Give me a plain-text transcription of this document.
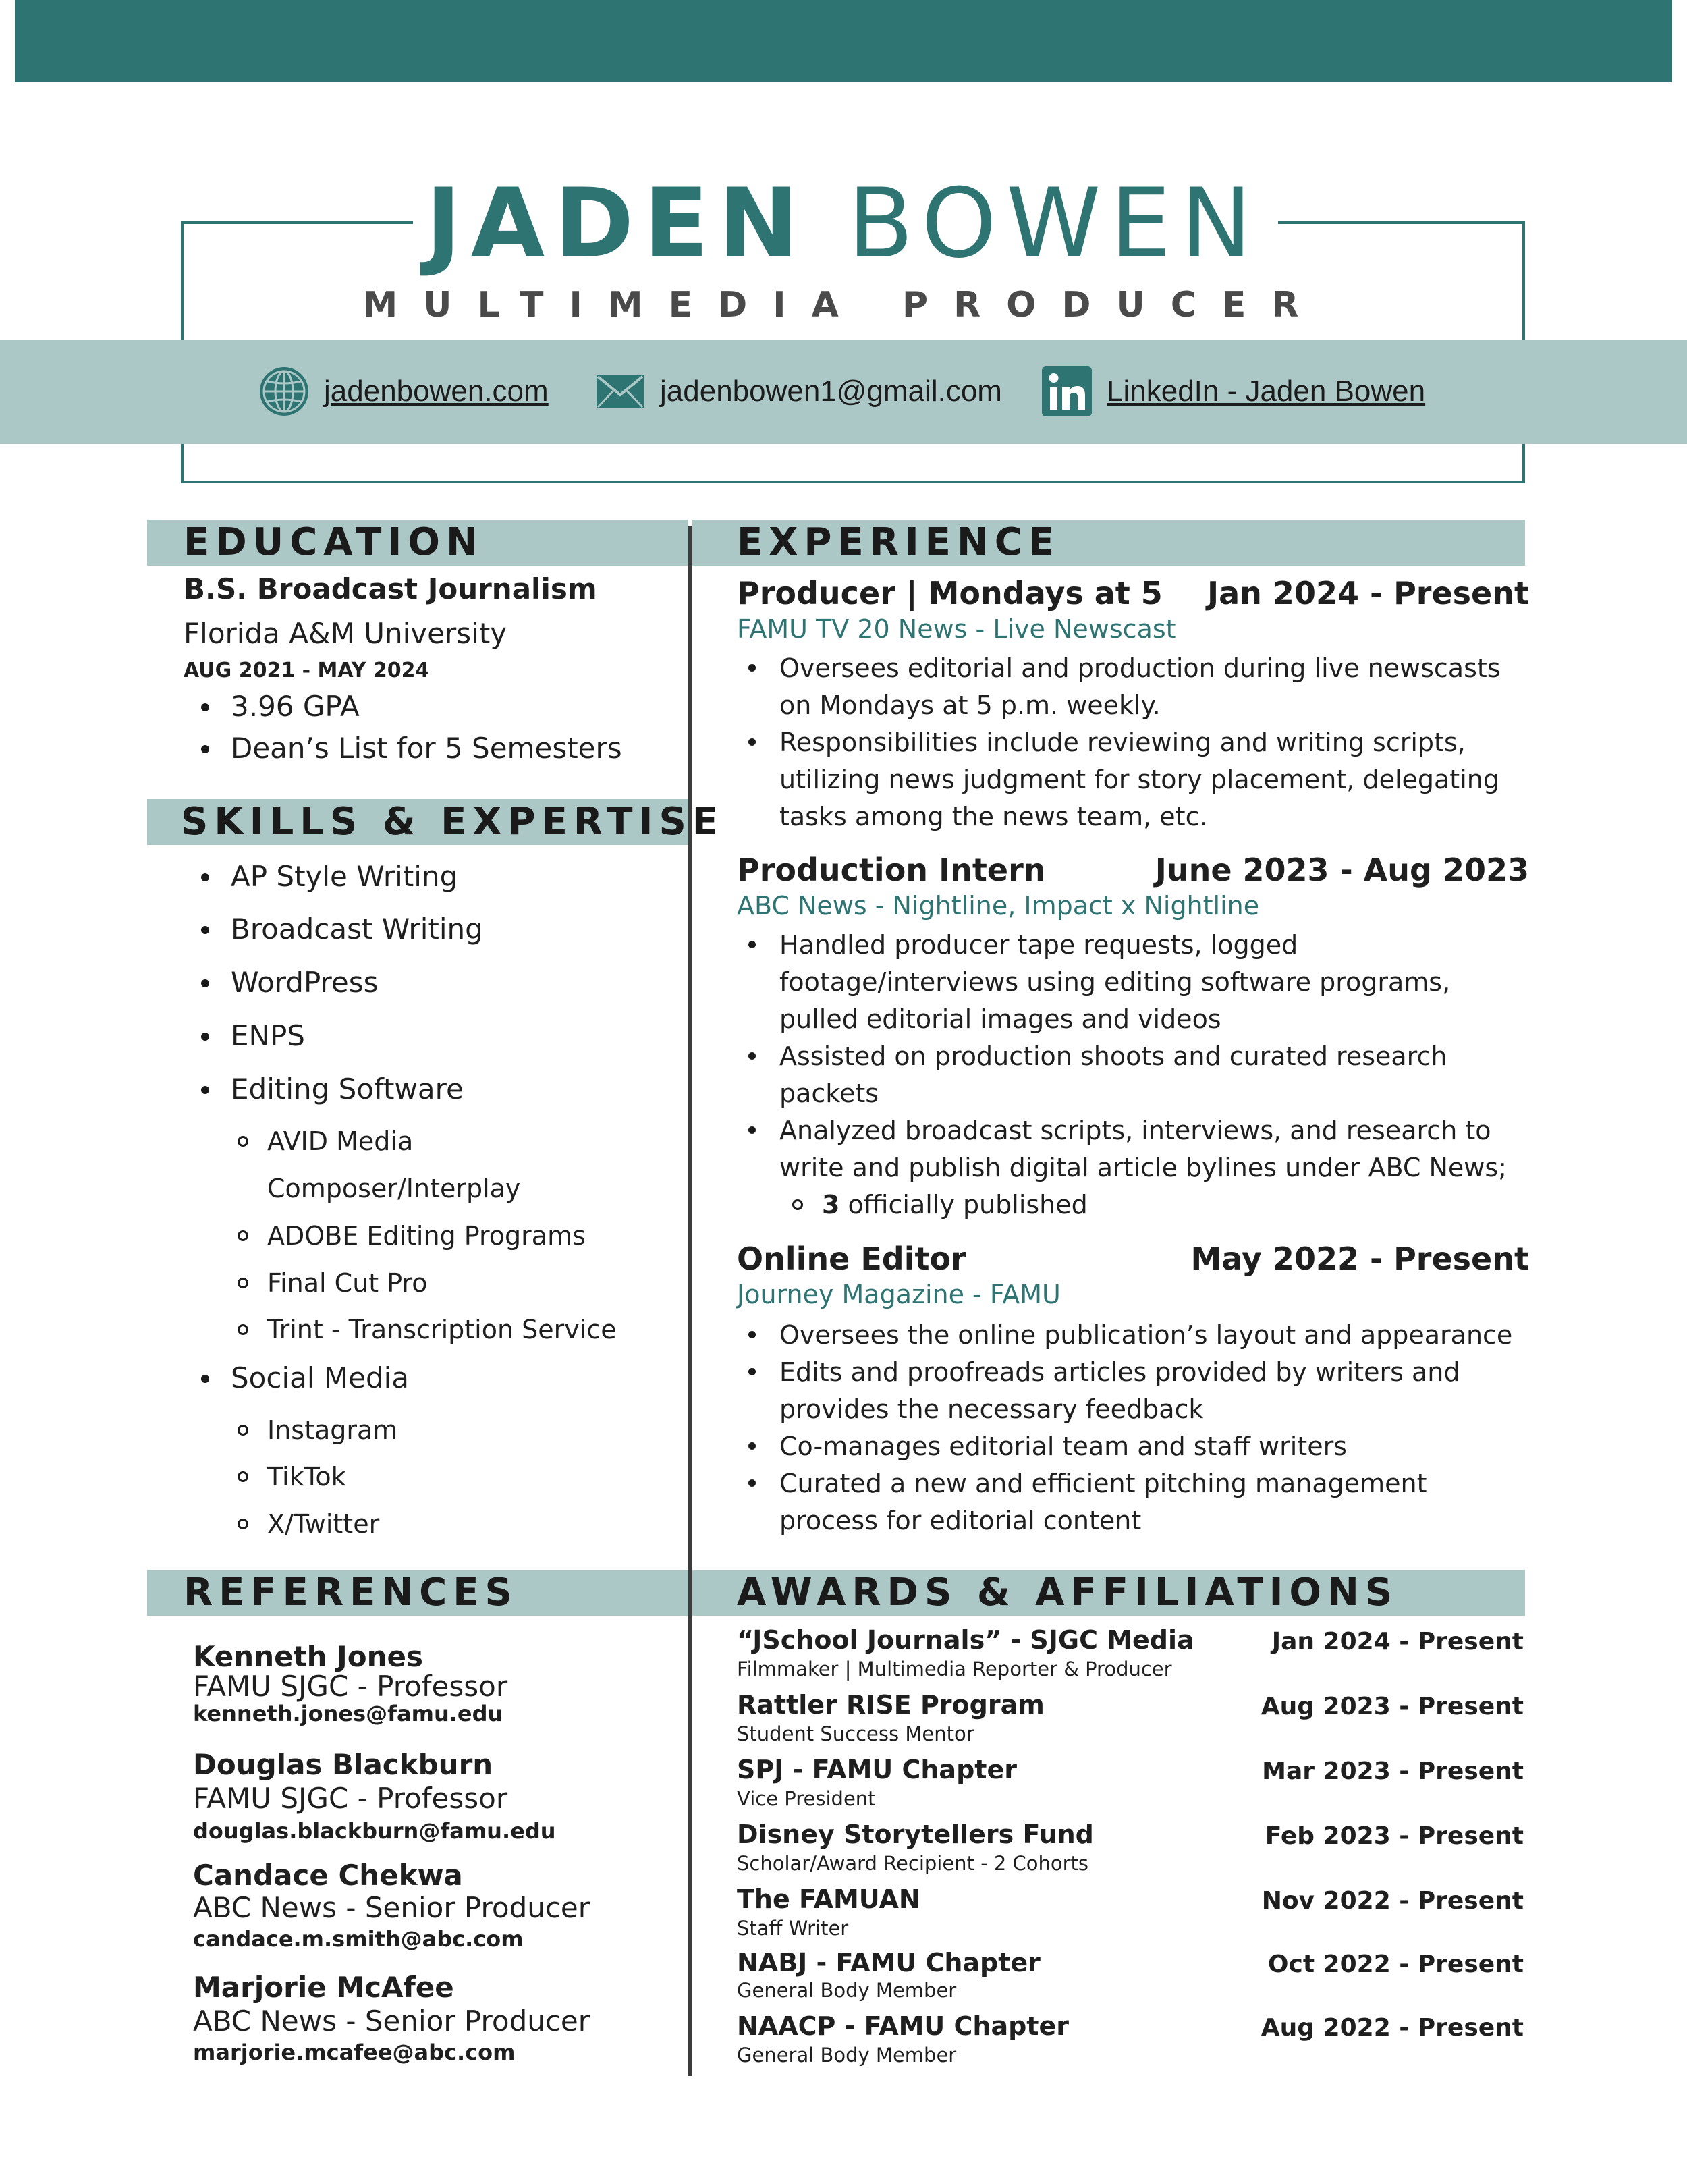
JADEN BOWEN
MULTIMEDIA PRODUCER
jadenbowen.com	jadenbowen1@gmail.com	LinkedIn - Jaden Bowen
EDUCATION
B.S. Broadcast Journalism
Florida A&M University
AUG 2021 - MAY 2024
3.96 GPA
Dean’s List for 5 Semesters
SKILLS & EXPERTISE
AP Style Writing
Broadcast Writing
WordPress
ENPS
Editing Software
AVID Media
Composer/Interplay
ADOBE Editing Programs
Final Cut Pro
Trint - Transcription Service
Social Media
Instagram
TikTok
X/Twitter
REFERENCES
Kenneth Jones
FAMU SJGC - Professor
kenneth.jones@famu.edu
Douglas Blackburn
FAMU SJGC - Professor
douglas.blackburn@famu.edu
Candace Chekwa
ABC News - Senior Producer
candace.m.smith@abc.com
Marjorie McAfee
ABC News - Senior Producer
marjorie.mcafee@abc.com
EXPERIENCE
Producer | Mondays at 5 Jan 2024 - Present
FAMU TV 20 News - Live Newscast
Oversees editorial and production during live newscasts
on Mondays at 5 p.m. weekly.
Responsibilities include reviewing and writing scripts,
utilizing news judgment for story placement, delegating
tasks among the news team, etc.
Production Intern	June 2023 - Aug 2023
ABC News - Nightline, Impact x Nightline
Handled producer tape requests, logged
footage/interviews using editing software programs,
pulled editorial images and videos
Assisted on production shoots and curated research
packets
Analyzed broadcast scripts, interviews, and research to
write and publish digital article bylines under ABC News;
3 officially published
Online Editor	May 2022 - Present
Journey Magazine - FAMU
Oversees the online publication’s layout and appearance
Edits and proofreads articles provided by writers and
provides the necessary feedback
Co-manages editorial team and staff writers
Curated a new and efficient pitching management
process for editorial content
AWARDS & AFFILIATIONS
“JSchool Journals” - SJGC Media	Jan 2024 - Present
Filmmaker | Multimedia Reporter & Producer
Rattler RISE Program	Aug 2023 - Present
Student Success Mentor
SPJ - FAMU Chapter	Mar 2023 - Present
Vice President
Disney Storytellers Fund	Feb 2023 - Present
Scholar/Award Recipient - 2 Cohorts
The FAMUAN	Nov 2022 - Present
Staff Writer
NABJ - FAMU Chapter	Oct 2022 - Present
General Body Member
NAACP - FAMU Chapter	Aug 2022 - Present
General Body Member
